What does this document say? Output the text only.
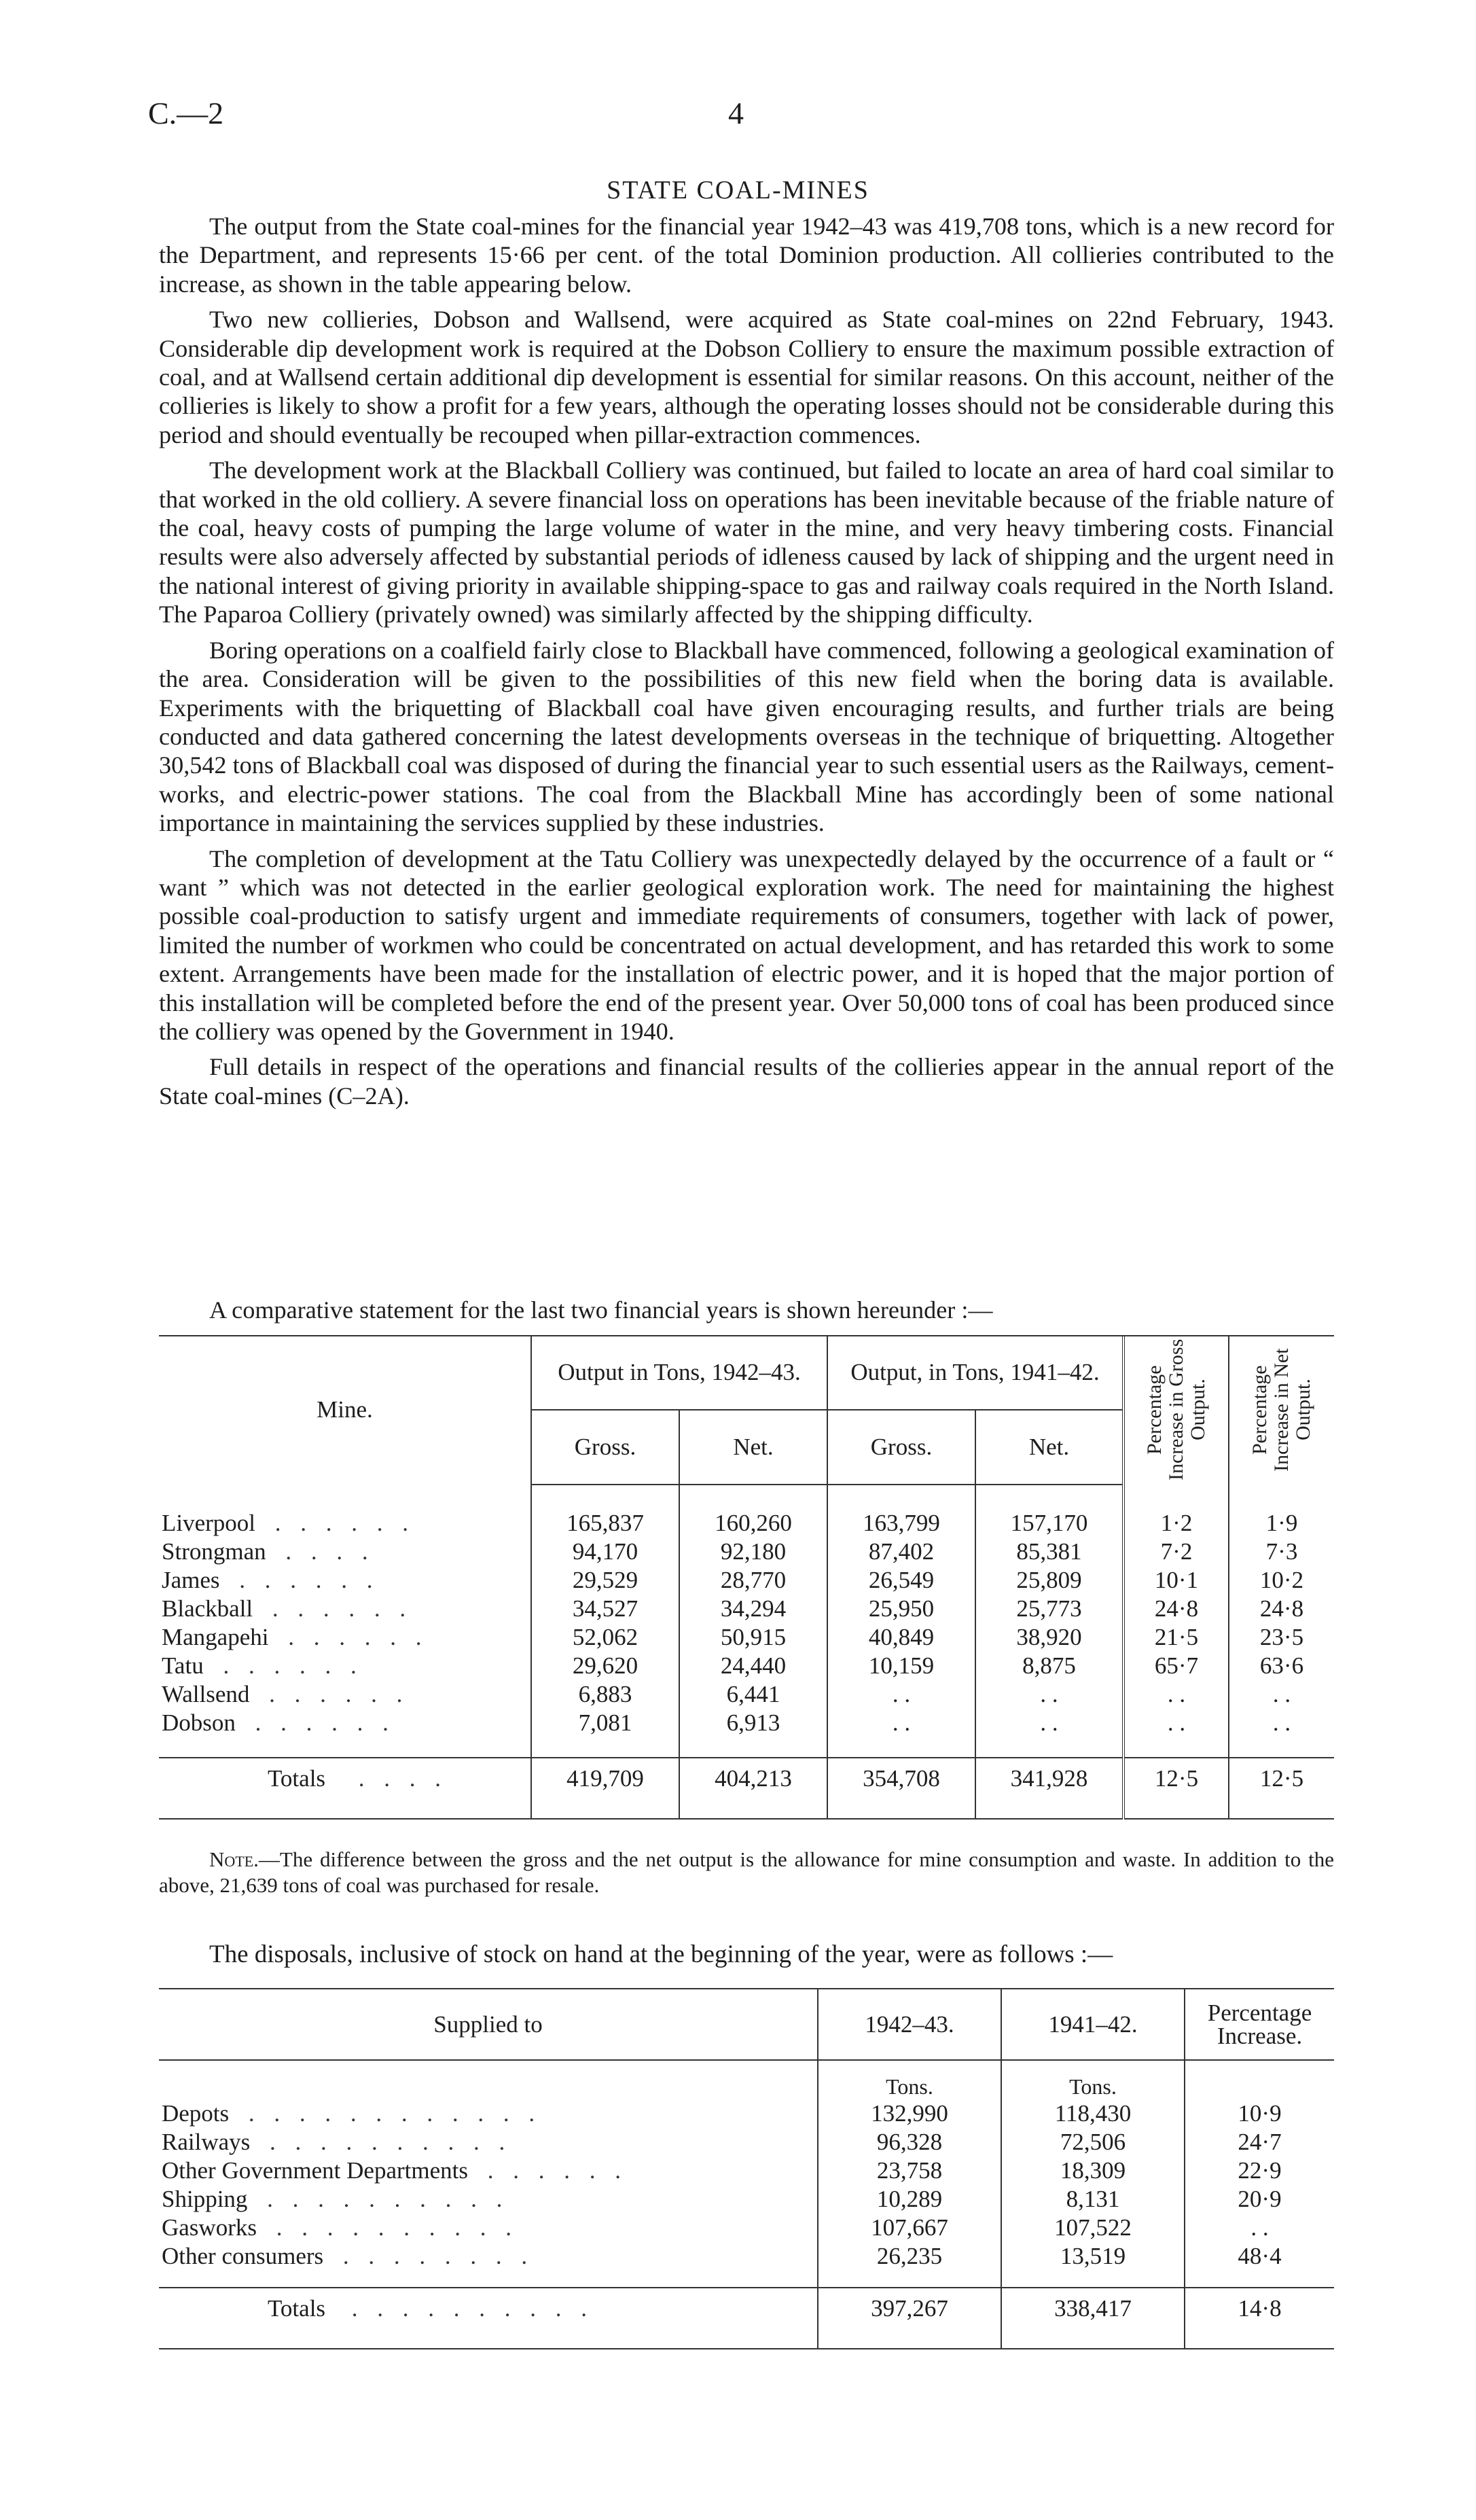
C.—2	4
STATE COAL-MINES

The output from the State coal-mines for the financial year 1942–43 was 419,708 tons, which is a new record for the Department, and represents 15·66 per cent. of the total Dominion production. All collieries contributed to the increase, as shown in the table appearing below.

Two new collieries, Dobson and Wallsend, were acquired as State coal-mines on 22nd February, 1943. Considerable dip development work is required at the Dobson Colliery to ensure the maximum possible extraction of coal, and at Wallsend certain additional dip development is essential for similar reasons. On this account, neither of the collieries is likely to show a profit for a few years, although the operating losses should not be considerable during this period and should eventually be recouped when pillar-extraction commences.

The development work at the Blackball Colliery was continued, but failed to locate an area of hard coal similar to that worked in the old colliery. A severe financial loss on operations has been inevitable because of the friable nature of the coal, heavy costs of pumping the large volume of water in the mine, and very heavy timbering costs. Financial results were also adversely affected by substantial periods of idleness caused by lack of shipping and the urgent need in the national interest of giving priority in available shipping-space to gas and railway coals required in the North Island. The Paparoa Colliery (privately owned) was similarly affected by the shipping difficulty.

Boring operations on a coalfield fairly close to Blackball have commenced, following a geological examination of the area. Consideration will be given to the possibilities of this new field when the boring data is available. Experiments with the briquetting of Blackball coal have given encouraging results, and further trials are being conducted and data gathered concerning the latest developments overseas in the technique of briquetting. Altogether 30,542 tons of Blackball coal was disposed of during the financial year to such essential users as the Railways, cement-works, and electric-power stations. The coal from the Blackball Mine has accordingly been of some national importance in maintaining the services supplied by these industries.

The completion of development at the Tatu Colliery was unexpectedly delayed by the occurrence of a fault or “ want ” which was not detected in the earlier geological exploration work. The need for maintaining the highest possible coal-production to satisfy urgent and immediate requirements of consumers, together with lack of power, limited the number of workmen who could be concentrated on actual development, and has retarded this work to some extent. Arrangements have been made for the installation of electric power, and it is hoped that the major portion of this installation will be completed before the end of the present year. Over 50,000 tons of coal has been produced since the colliery was opened by the Government in 1940.

Full details in respect of the operations and financial results of the collieries appear in the annual report of the State coal-mines (C–2A).

A comparative statement for the last two financial years is shown hereunder :—
Mine.	Output in Tons, 1942–43.		Output, in Tons, 1941–42.		Percentage Increase in Gross Output.	Percentage Increase in Net Output.

	Gross.	Net.	Gross.	Net.		

Liverpool . . . . . .	165,837	160,260	163,799	157,170	1·2	1·9
Strongman . . . .	94,170	92,180	87,402	85,381	7·2	7·3
James . . . . . .	29,529	28,770	26,549	25,809	10·1	10·2
Blackball . . . . . .	34,527	34,294	25,950	25,773	24·8	24·8
Mangapehi . . . . . .	52,062	50,915	40,849	38,920	21·5	23·5
Tatu . . . . . .	29,620	24,440	10,159	8,875	65·7	63·6
Wallsend . . . . . .	6,883	6,441	. .	. .	. .	. .
Dobson . . . . . .	7,081	6,913	. .	. .	. .	. .

Totals . . . .	419,709	404,213	354,708	341,928	12·5	12·5

Note.—The difference between the gross and the net output is the allowance for mine consumption and waste. In addition to the above, 21,639 tons of coal was purchased for resale.
The disposals, inclusive of stock on hand at the beginning of the year, were as follows :—
Supplied to	1942–43.	1941–42.	Percentage Increase.
	Tons.	Tons.	
Depots . . . . . . . . . . . .	132,990	118,430	10·9
Railways . . . . . . . . . .	96,328	72,506	24·7
Other Government Departments . . . . . .	23,758	18,309	22·9
Shipping . . . . . . . . . .	10,289	8,131	20·9
Gasworks . . . . . . . . . .	107,667	107,522	. .
Other consumers . . . . . . . .	26,235	13,519	48·4

Totals . . . . . . . . . .	397,267	338,417	14·8
